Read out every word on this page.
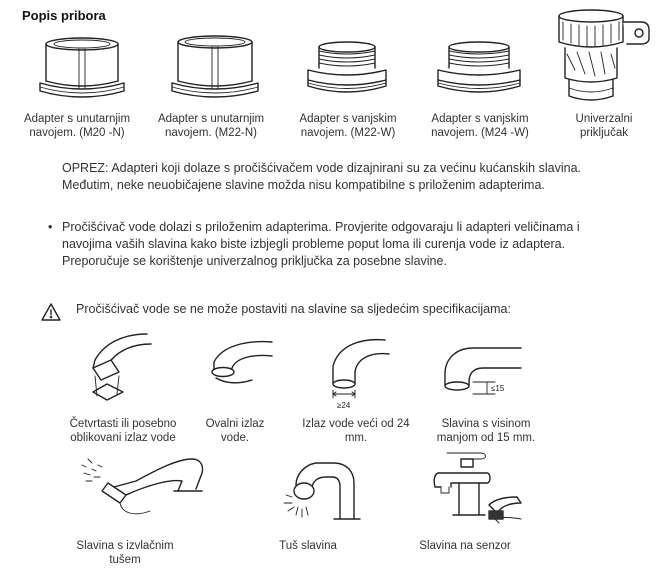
Popis pribora
Adapter s unutarnjim navojem. (M20 -N)
Adapter s unutarnjim navojem. (M22-N)
Adapter s vanjskim navojem. (M22-W)
Adapter s vanjskim navojem. (M24 -W)
Univerzalni priključak
OPREZ: Adapteri koji dolaze s pročišćivačem vode dizajnirani su za većinu kućanskih slavina. Međutim, neke neuobičajene slavine možda nisu kompatibilne s priloženim adapterima.
• Pročišćivač vode dolazi s priloženim adapterima. Provjerite odgovaraju li adapteri veličinama i navojima vaših slavina kako biste izbjegli probleme poput loma ili curenja vode iz adaptera. Preporučuje se korištenje univerzalnog priključka za posebne slavine.
Pročišćivač vode se ne može postaviti na slavine sa sljedećim specifikacijama:
≥24
≤15
Četvrtasti ili posebno oblikovani izlaz vode
Ovalni izlaz vode.
Izlaz vode veći od 24 mm.
Slavina s visinom manjom od 15 mm.
Slavina s izvlačnim tušem
Tuš slavina	Slavina na senzor
